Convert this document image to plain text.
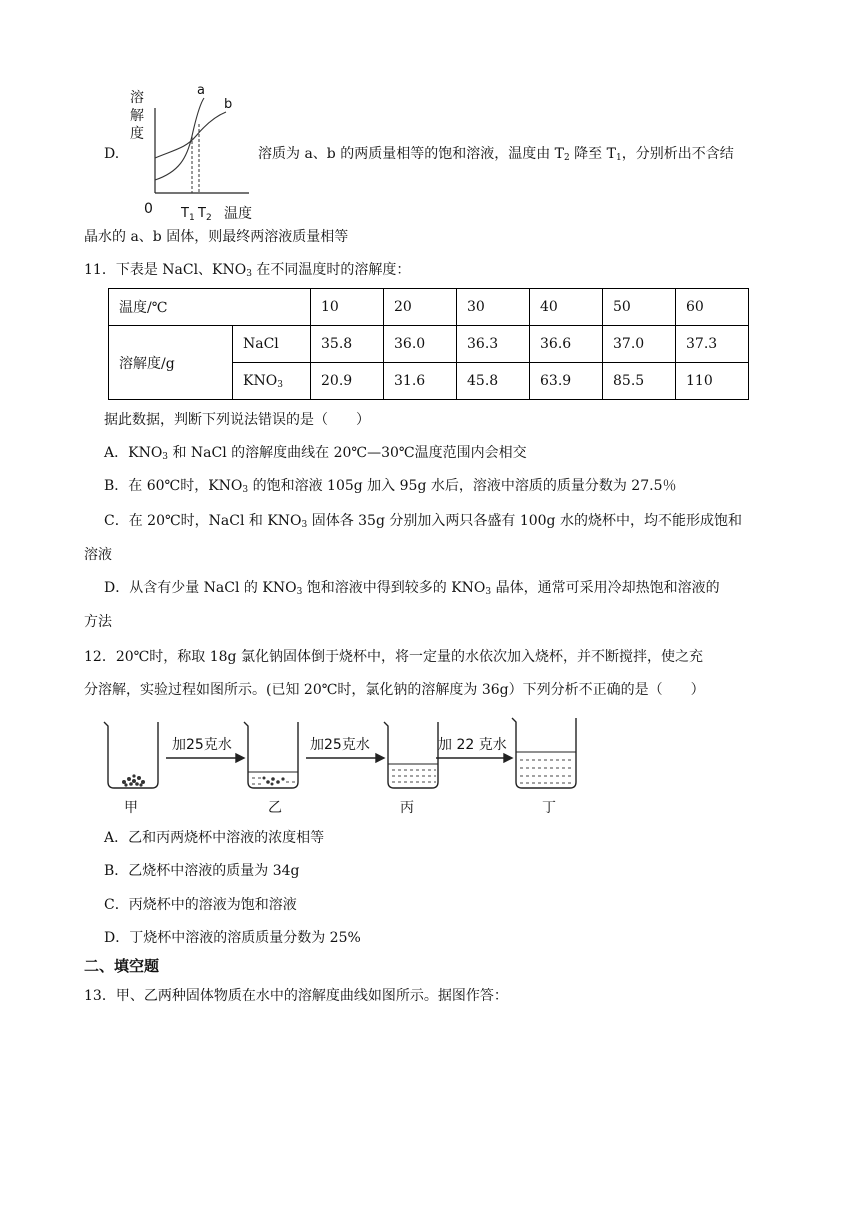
D.
溶
解
度
0	温度
$T_1$ $T_2$
a
b
溶质为 a、b 的两质量相等的饱和溶液，温度由 $T_2$ 降至 $T_1$，分别析出不含结
晶水的 a、b 固体，则最终两溶液质量相等
11．下表是 NaCl、$KNO_3$ 在不同温度时的溶解度：
温度/℃		10	20	30	40	50	60
溶解度/g	NaCl	35.8	36.0	36.3	36.6	37.0	37.3
	$KNO_3$	20.9	31.6	45.8	63.9	85.5	110
据此数据，判断下列说法错误的是（　　）
A．$KNO_3$ 和 NaCl 的溶解度曲线在 20℃—30℃温度范围内会相交
B．在 60℃时，$KNO_3$ 的饱和溶液 105g 加入 95g 水后，溶液中溶质的质量分数为 27.5％
C．在 20℃时，NaCl 和 $KNO_3$ 固体各 35g 分别加入两只各盛有 100g 水的烧杯中，均不能形成饱和
溶液
D．从含有少量 NaCl 的 $KNO_3$ 饱和溶液中得到较多的 $KNO_3$ 晶体，通常可采用冷却热饱和溶液的
方法
12．20℃时，称取 18g 氯化钠固体倒于烧杯中，将一定量的水依次加入烧杯，并不断搅拌，使之充
分溶解，实验过程如图所示。(已知 20℃时，氯化钠的溶解度为 36g）下列分析不正确的是（　　）
加25克水	加25克水	加 22 克水
甲	乙	丙	丁
A．乙和丙两烧杯中溶液的浓度相等
B．乙烧杯中溶液的质量为 34g
C．丙烧杯中的溶液为饱和溶液
D．丁烧杯中溶液的溶质质量分数为 25%
二、填空题
13．甲、乙两种固体物质在水中的溶解度曲线如图所示。据图作答：
